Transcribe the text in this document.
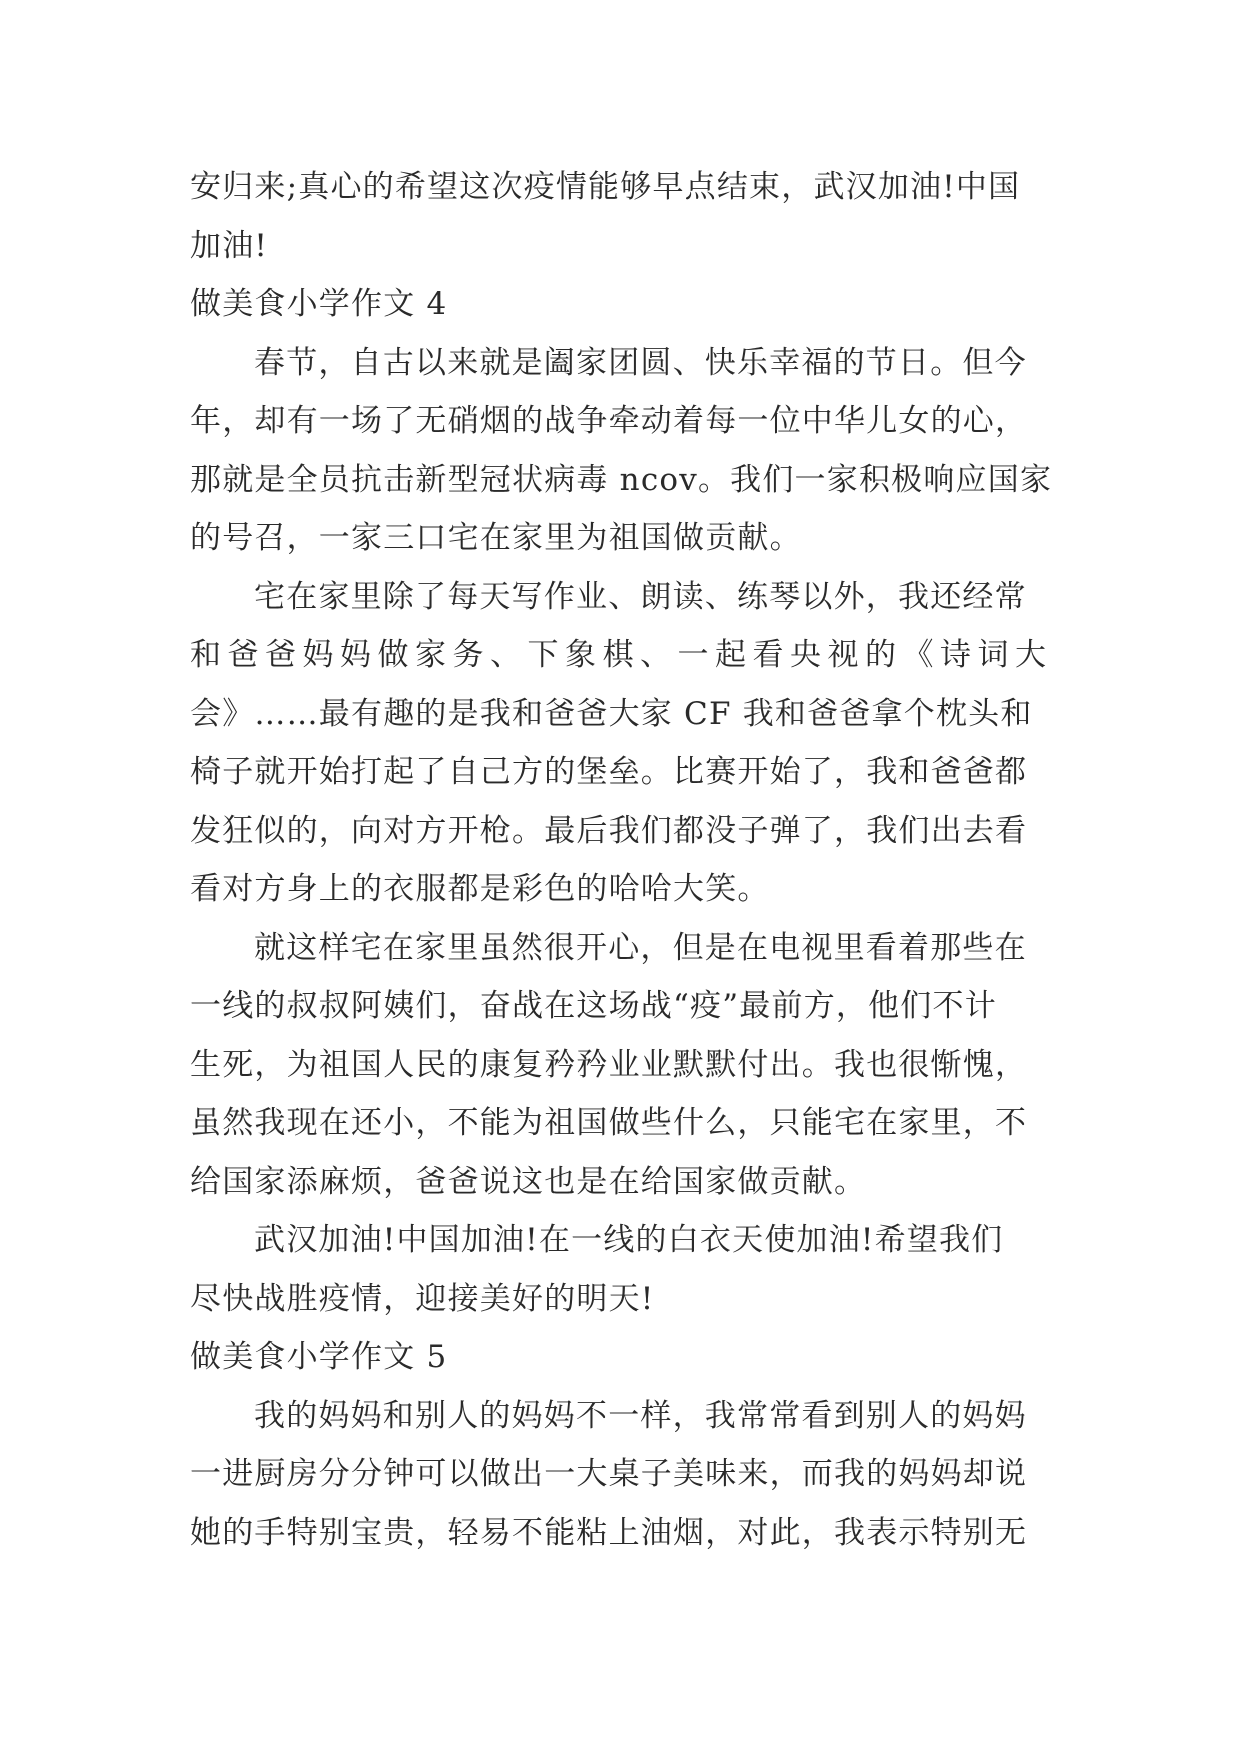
安归来;真心的希望这次疫情能够早点结束，武汉加油!中国
加油!
做美食小学作文 4
春节，自古以来就是阖家团圆、快乐幸福的节日。但今
年，却有一场了无硝烟的战争牵动着每一位中华儿女的心，
那就是全员抗击新型冠状病毒 ncov。我们一家积极响应国家
的号召，一家三口宅在家里为祖国做贡献。
宅在家里除了每天写作业、朗读、练琴以外，我还经常
和爸爸妈妈做家务、下象棋、一起看央视的《诗词大
会》……最有趣的是我和爸爸大家 CF 我和爸爸拿个枕头和
椅子就开始打起了自己方的堡垒。比赛开始了，我和爸爸都
发狂似的，向对方开枪。最后我们都没子弹了，我们出去看
看对方身上的衣服都是彩色的哈哈大笑。
就这样宅在家里虽然很开心，但是在电视里看着那些在
一线的叔叔阿姨们，奋战在这场战“疫”最前方，他们不计
生死，为祖国人民的康复矜矜业业默默付出。我也很惭愧，
虽然我现在还小，不能为祖国做些什么，只能宅在家里，不
给国家添麻烦，爸爸说这也是在给国家做贡献。
武汉加油!中国加油!在一线的白衣天使加油!希望我们
尽快战胜疫情，迎接美好的明天!
做美食小学作文 5
我的妈妈和别人的妈妈不一样，我常常看到别人的妈妈
一进厨房分分钟可以做出一大桌子美味来，而我的妈妈却说
她的手特别宝贵，轻易不能粘上油烟，对此，我表示特别无
